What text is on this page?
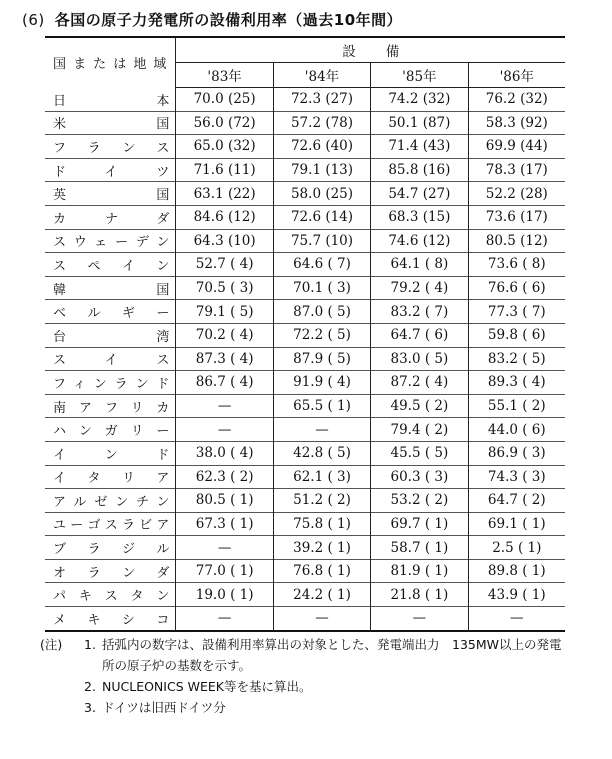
(6) 各国の原子力発電所の設備利用率（過去10年間）
国または地域	設備			
	'83年	'84年	'85年	'86年
日本	70.0 (25)	72.3 (27)	74.2 (32)	76.2 (32)
米国	56.0 (72)	57.2 (78)	50.1 (87)	58.3 (92)
フランス	65.0 (32)	72.6 (40)	71.4 (43)	69.9 (44)
ドイツ	71.6 (11)	79.1 (13)	85.8 (16)	78.3 (17)
英国	63.1 (22)	58.0 (25)	54.7 (27)	52.2 (28)
カナダ	84.6 (12)	72.6 (14)	68.3 (15)	73.6 (17)
スウェーデン	64.3 (10)	75.7 (10)	74.6 (12)	80.5 (12)
スペイン	52.7 ( 4)	64.6 ( 7)	64.1 ( 8)	73.6 ( 8)
韓国	70.5 ( 3)	70.1 ( 3)	79.2 ( 4)	76.6 ( 6)
ベルギー	79.1 ( 5)	87.0 ( 5)	83.2 ( 7)	77.3 ( 7)
台湾	70.2 ( 4)	72.2 ( 5)	64.7 ( 6)	59.8 ( 6)
スイス	87.3 ( 4)	87.9 ( 5)	83.0 ( 5)	83.2 ( 5)
フィンランド	86.7 ( 4)	91.9 ( 4)	87.2 ( 4)	89.3 ( 4)
南アフリカ	—	65.5 ( 1)	49.5 ( 2)	55.1 ( 2)
ハンガリー	—	—	79.4 ( 2)	44.0 ( 6)
インド	38.0 ( 4)	42.8 ( 5)	45.5 ( 5)	86.9 ( 3)
イタリア	62.3 ( 2)	62.1 ( 3)	60.3 ( 3)	74.3 ( 3)
アルゼンチン	80.5 ( 1)	51.2 ( 2)	53.2 ( 2)	64.7 ( 2)
ユーゴスラビア	67.3 ( 1)	75.8 ( 1)	69.7 ( 1)	69.1 ( 1)
ブラジル	—	39.2 ( 1)	58.7 ( 1)	2.5 ( 1)
オランダ	77.0 ( 1)	76.8 ( 1)	81.9 ( 1)	89.8 ( 1)
パキスタン	19.0 ( 1)	24.2 ( 1)	21.8 ( 1)	43.9 ( 1)
メキシコ	—	—	—	—
(注)	1. 括弧内の数字は、設備利用率算出の対象とした、発電端出力　135MW以上の発電所の原子炉の基数を示す。
2. NUCLEONICS WEEK等を基に算出。
3. ドイツは旧西ドイツ分
